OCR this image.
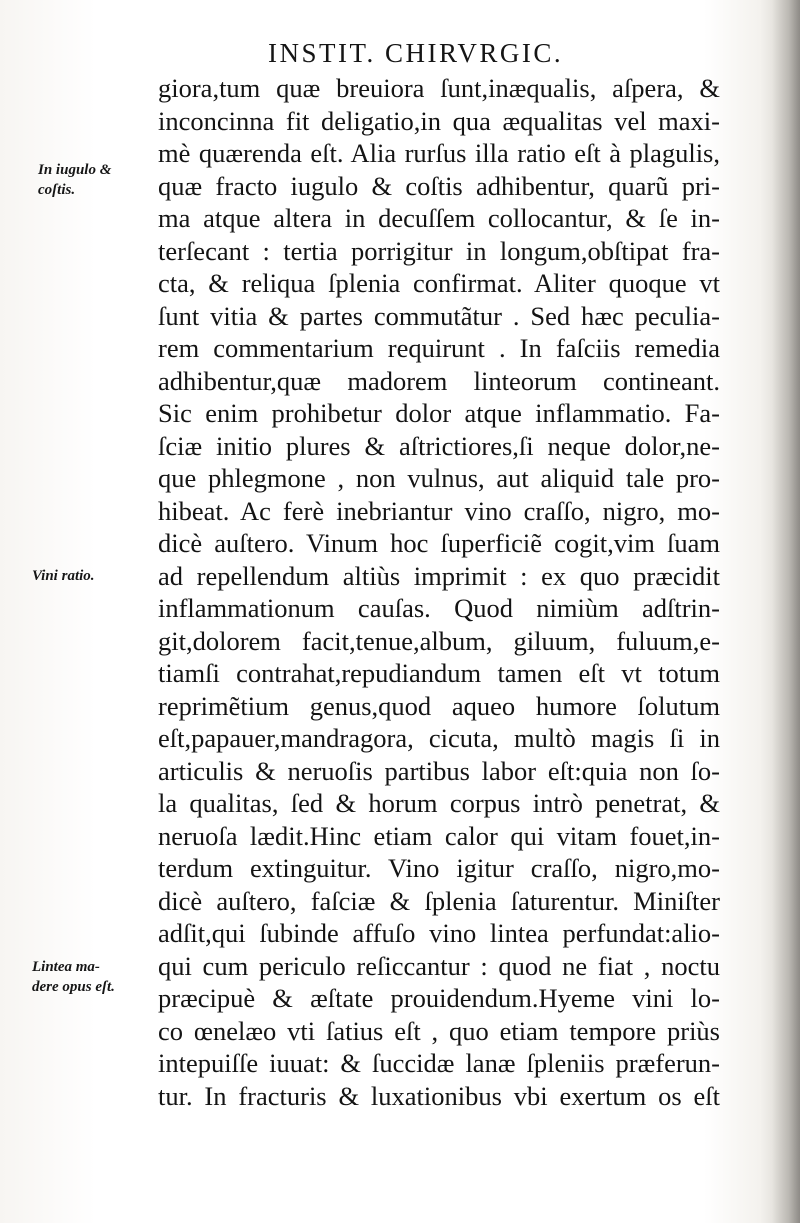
INSTIT. CHIRVRGIC.
giora,tum quæ breuiora ſunt,inæqualis, aſpera, &
inconcinna fit deligatio,in qua æqualitas vel maxi-
mè quærenda eſt. Alia rurſus illa ratio eſt à plagulis,
quæ fracto iugulo & coſtis adhibentur, quarũ pri-
ma atque altera in decuſſem collocantur, & ſe in-
terſecant : tertia porrigitur in longum,obſtipat fra-
cta, & reliqua ſplenia confirmat. Aliter quoque vt
ſunt vitia & partes commutãtur . Sed hæc peculia-
rem commentarium requirunt . In faſciis remedia
adhibentur,quæ madorem linteorum contineant.
Sic enim prohibetur dolor atque inflammatio. Fa-
ſciæ initio plures & aſtrictiores,ſi neque dolor,ne-
que phlegmone , non vulnus, aut aliquid tale pro-
hibeat. Ac ferè inebriantur vino craſſo, nigro, mo-
dicè auſtero. Vinum hoc ſuperficiẽ cogit,vim ſuam
ad repellendum altiùs imprimit : ex quo præcidit
inflammationum cauſas. Quod nimiùm adſtrin-
git,dolorem facit,tenue,album, giluum, fuluum,e-
tiamſi contrahat,repudiandum tamen eſt vt totum
reprimẽtium genus,quod aqueo humore ſolutum
eſt,papauer,mandragora, cicuta, multò magis ſi in
articulis & neruoſis partibus labor eſt:quia non ſo-
la qualitas, ſed & horum corpus intrò penetrat, &
neruoſa lædit.Hinc etiam calor qui vitam fouet,in-
terdum extinguitur. Vino igitur craſſo, nigro,mo-
dicè auſtero, faſciæ & ſplenia ſaturentur. Miniſter
adſit,qui ſubinde affuſo vino lintea perfundat:alio-
qui cum periculo reſiccantur : quod ne fiat , noctu
præcipuè & æſtate prouidendum.Hyeme vini lo-
co œnelæo vti ſatius eſt , quo etiam tempore priùs
intepuiſſe iuuat: & ſuccidæ lanæ ſpleniis præferun-
tur. In fracturis & luxationibus vbi exertum os eſt
In iugulo &
coſtis.
Vini ratio.
Lintea ma-
dere opus eſt.
